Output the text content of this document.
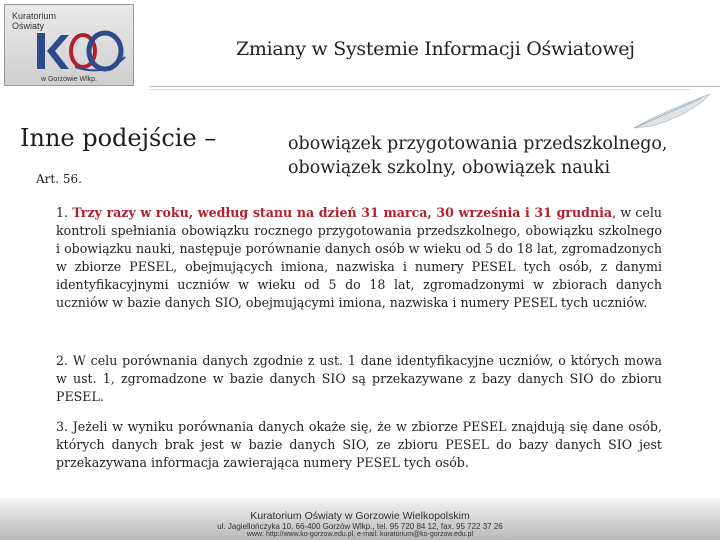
Kuratorium
Oświaty
w Gorzowie Wlkp.
Zmiany w Systemie Informacji Oświatowej
Inne podejście –	obowiązek przygotowania przedszkolnego,
obowiązek szkolny, obowiązek nauki
Art. 56.

1. Trzy razy w roku, według stanu na dzień 31 marca, 30 września i 31 grudnia, w celu kontroli spełniania obowiązku rocznego przygotowania przedszkolnego, obowiązku szkolnego i obowiązku nauki, następuje porównanie danych osób w wieku od 5 do 18 lat, zgromadzonych w zbiorze PESEL, obejmujących imiona, nazwiska i numery PESEL tych osób, z danymi identyfikacyjnymi uczniów w wieku od 5 do 18 lat, zgromadzonymi w zbiorach danych uczniów w bazie danych SIO, obejmującymi imiona, nazwiska i numery PESEL tych uczniów.

2. W celu porównania danych zgodnie z ust. 1 dane identyfikacyjne uczniów, o których mowa w ust. 1, zgromadzone w bazie danych SIO są przekazywane z bazy danych SIO do zbioru PESEL.

3. Jeżeli w wyniku porównania danych okaże się, że w zbiorze PESEL znajdują się dane osób, których danych brak jest w bazie danych SIO, ze zbioru PESEL do bazy danych SIO jest przekazywana informacja zawierająca numery PESEL tych osób.

Kuratorium Oświaty w Gorzowie Wielkopolskim
ul. Jagiellończyka 10, 66-400 Gorzów Wlkp., tel. 95 720 84 12, fax. 95 722 37 26
www: http://www.ko-gorzow.edu.pl, e-mail: kuratorium@ko-gorzow.edu.pl
